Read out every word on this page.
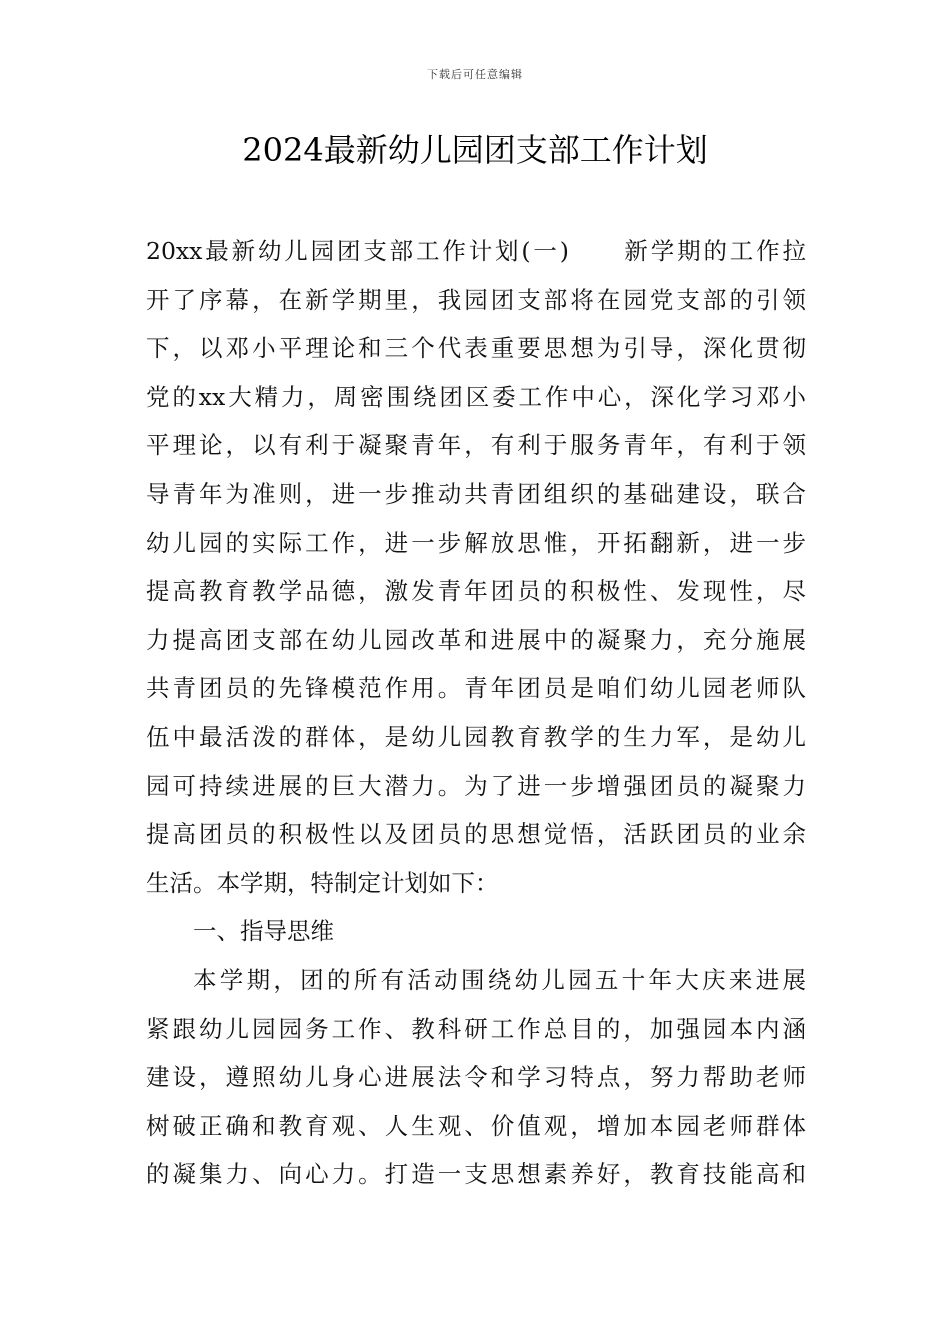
下载后可任意编辑
2024最新幼儿园团支部工作计划
20xx最新幼儿园团支部工作计划(一)　　新学期的工作拉
开了序幕，在新学期里，我园团支部将在园党支部的引领
下，以邓小平理论和三个代表重要思想为引导，深化贯彻
党的xx大精力，周密围绕团区委工作中心，深化学习邓小
平理论，以有利于凝聚青年，有利于服务青年，有利于领
导青年为准则，进一步推动共青团组织的基础建设，联合
幼儿园的实际工作，进一步解放思惟，开拓翻新，进一步
提高教育教学品德，激发青年团员的积极性、发现性，尽
力提高团支部在幼儿园改革和进展中的凝聚力，充分施展
共青团员的先锋模范作用。青年团员是咱们幼儿园老师队
伍中最活泼的群体，是幼儿园教育教学的生力军，是幼儿
园可持续进展的巨大潜力。为了进一步增强团员的凝聚力
提高团员的积极性以及团员的思想觉悟，活跃团员的业余
生活。本学期，特制定计划如下：
一、指导思维
本学期，团的所有活动围绕幼儿园五十年大庆来进展
紧跟幼儿园园务工作、教科研工作总目的，加强园本内涵
建设，遵照幼儿身心进展法令和学习特点，努力帮助老师
树破正确和教育观、人生观、价值观，增加本园老师群体
的凝集力、向心力。打造一支思想素养好，教育技能高和
